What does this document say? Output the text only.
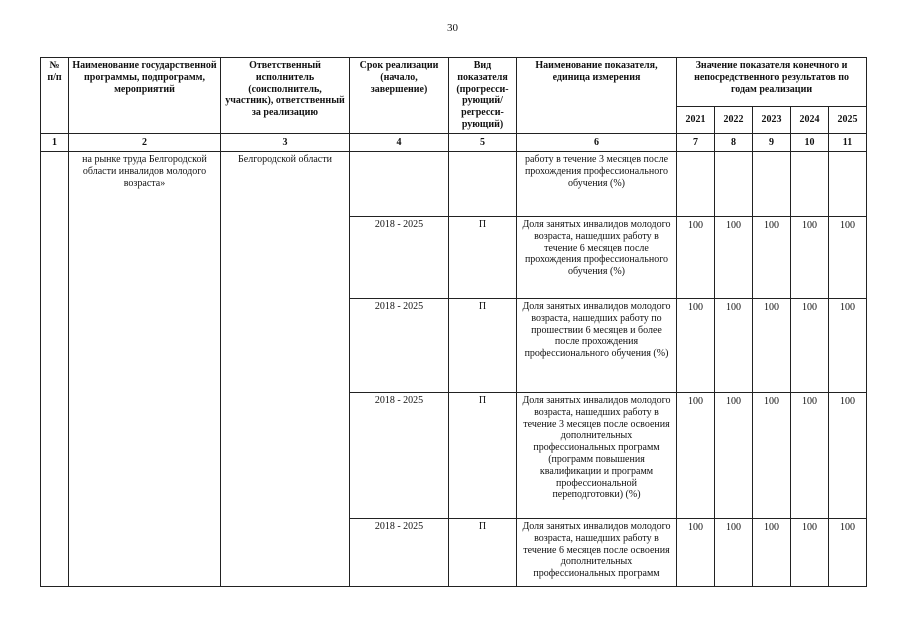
30
№ п/п	Наименование государственной программы, подпрограмм, мероприятий	Ответственный исполнитель (соисполнитель, участник), ответственный за реализацию	Срок реализации (начало, завершение)	Вид показателя (прогресси-рующий/ регресси-рующий)	Наименование показателя, единица измерения	Значение показателя конечного и непосредственного результатов по годам реализации				
						2021	2022	2023	2024	2025
1	2	3	4	5	6	7	8	9	10	11
	на рынке труда Белгородской области инвалидов молодого возраста»	Белгородской области			работу в течение 3 месяцев после прохождения профессионального обучения (%)					
			2018 - 2025	П	Доля занятых инвалидов молодого возраста, нашедших работу в течение 6 месяцев после прохождения профессионального обучения (%)	100	100	100	100	100
			2018 - 2025	П	Доля занятых инвалидов молодого возраста, нашедших работу по прошествии 6 месяцев и более после прохождения профессионального обучения (%)	100	100	100	100	100
			2018 - 2025	П	Доля занятых инвалидов молодого возраста, нашедших работу в течение 3 месяцев после освоения дополнительных профессиональных программ (программ повышения квалификации и программ профессиональной переподготовки) (%)	100	100	100	100	100
			2018 - 2025	П	Доля занятых инвалидов молодого возраста, нашедших работу в течение 6 месяцев после освоения дополнительных профессиональных программ	100	100	100	100	100
